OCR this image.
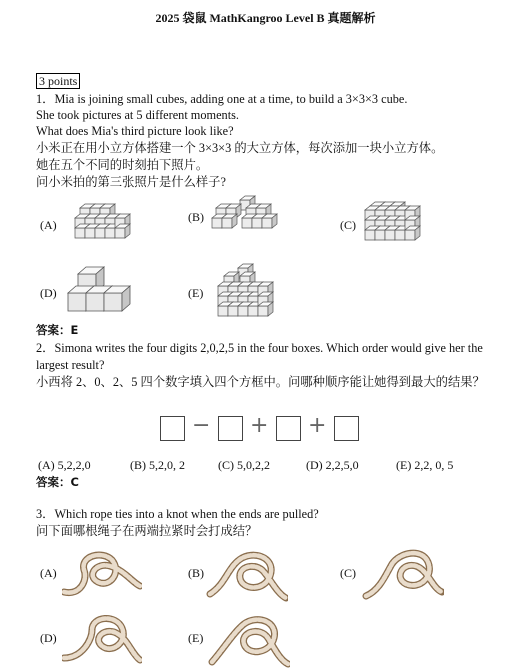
2025 袋鼠 MathKangroo Level B 真题解析
3 points
1．Mia is joining small cubes, adding one at a time, to build a 3×3×3 cube.
She took pictures at 5 different moments.
What does Mia's third picture look like?
小米正在用小立方体搭建一个 3×3×3 的大立方体，每次添加一块小立方体。
她在五个不同的时刻拍下照片。
问小米拍的第三张照片是什么样子?
(A)
(B)
(C)
(D)	(E)
答案：E
2．Simona writes the four digits 2,0,2,5 in the four boxes. Which order would give her the largest result?
小西将 2、0、2、5 四个数字填入四个方框中。问哪种顺序能让她得到最大的结果？
− + +
(A) 5,2,2,0	(B) 5,2,0, 2	(C) 5,0,2,2	(D) 2,2,5,0	(E) 2,2, 0, 5
答案：C
3．Which rope ties into a knot when the ends are pulled?
问下面哪根绳子在两端拉紧时会打成结？
(A)	(B)	(C)
(D)	(E)
